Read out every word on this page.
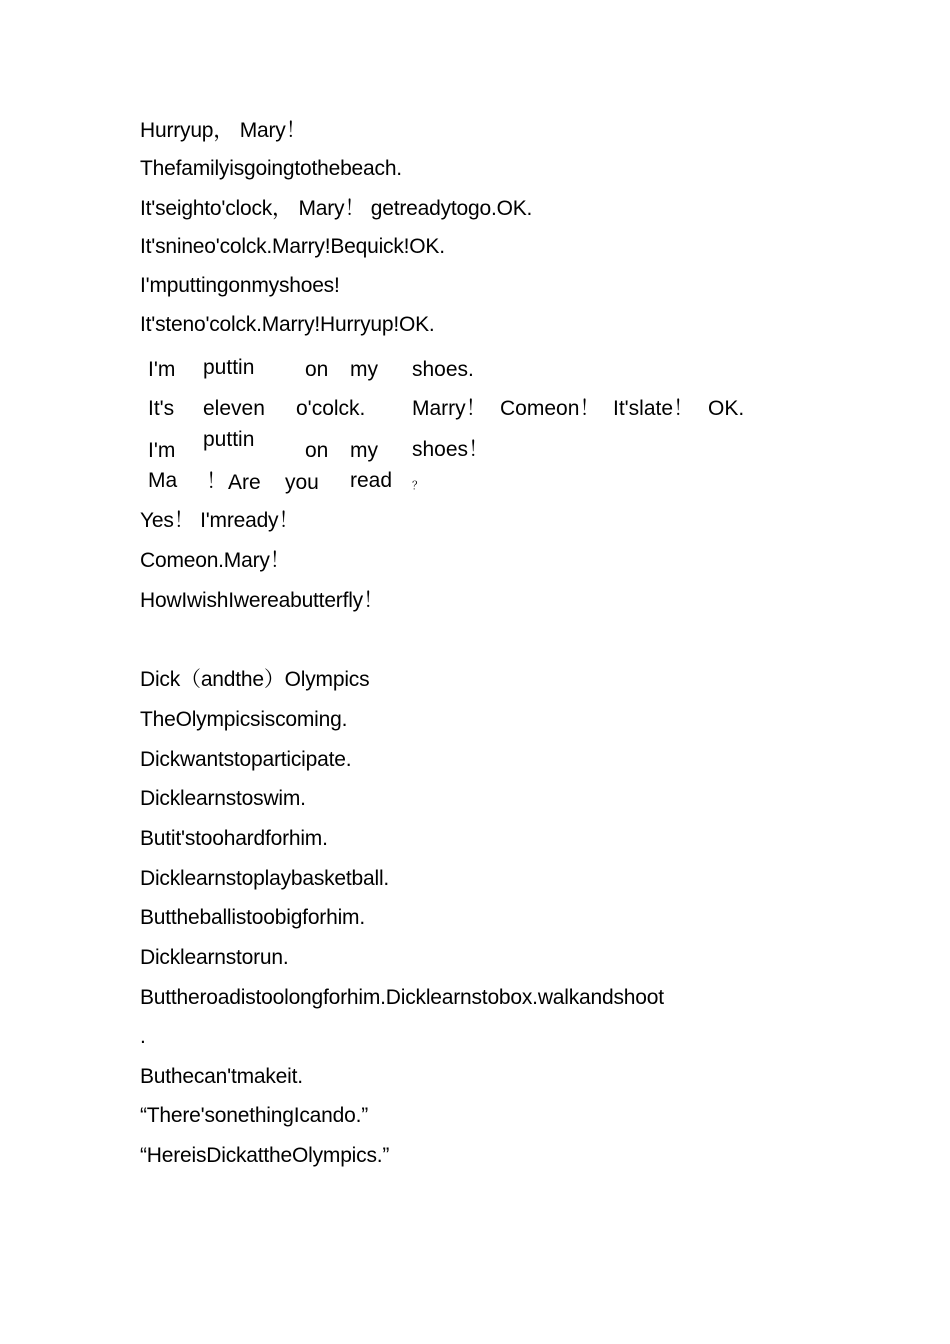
Hurryup， Mary！
Thefamilyisgoingtothebeach.
It'seighto'clock， Mary！ getreadytogo.OK.
It'snineo'colck.Marry!Bequick!OK.
I'mputtingonmyshoes!
It'steno'colck.Marry!Hurryup!OK.
I'm puttin on my shoes.
It's eleven o'colck. Marry！ Comeon！ It'slate！ OK.
I'm puttin on my shoes！
Ma ！ Are you read ？
Yes！ I'mready！
Comeon.Mary！
HowIwishIwereabutterfly！
Dick（andthe）Olympics
TheOlympicsiscoming.
Dickwantstoparticipate.
Dicklearnstoswim.
Butit'stoohardforhim.
Dicklearnstoplaybasketball.
Buttheballistoobigforhim.
Dicklearnstorun.
Buttheroadistoolongforhim.Dicklearnstobox.walkandshoot
.
Buthecan'tmakeit.
“There'sonethingIcando.”
“HereisDickattheOlympics.”
